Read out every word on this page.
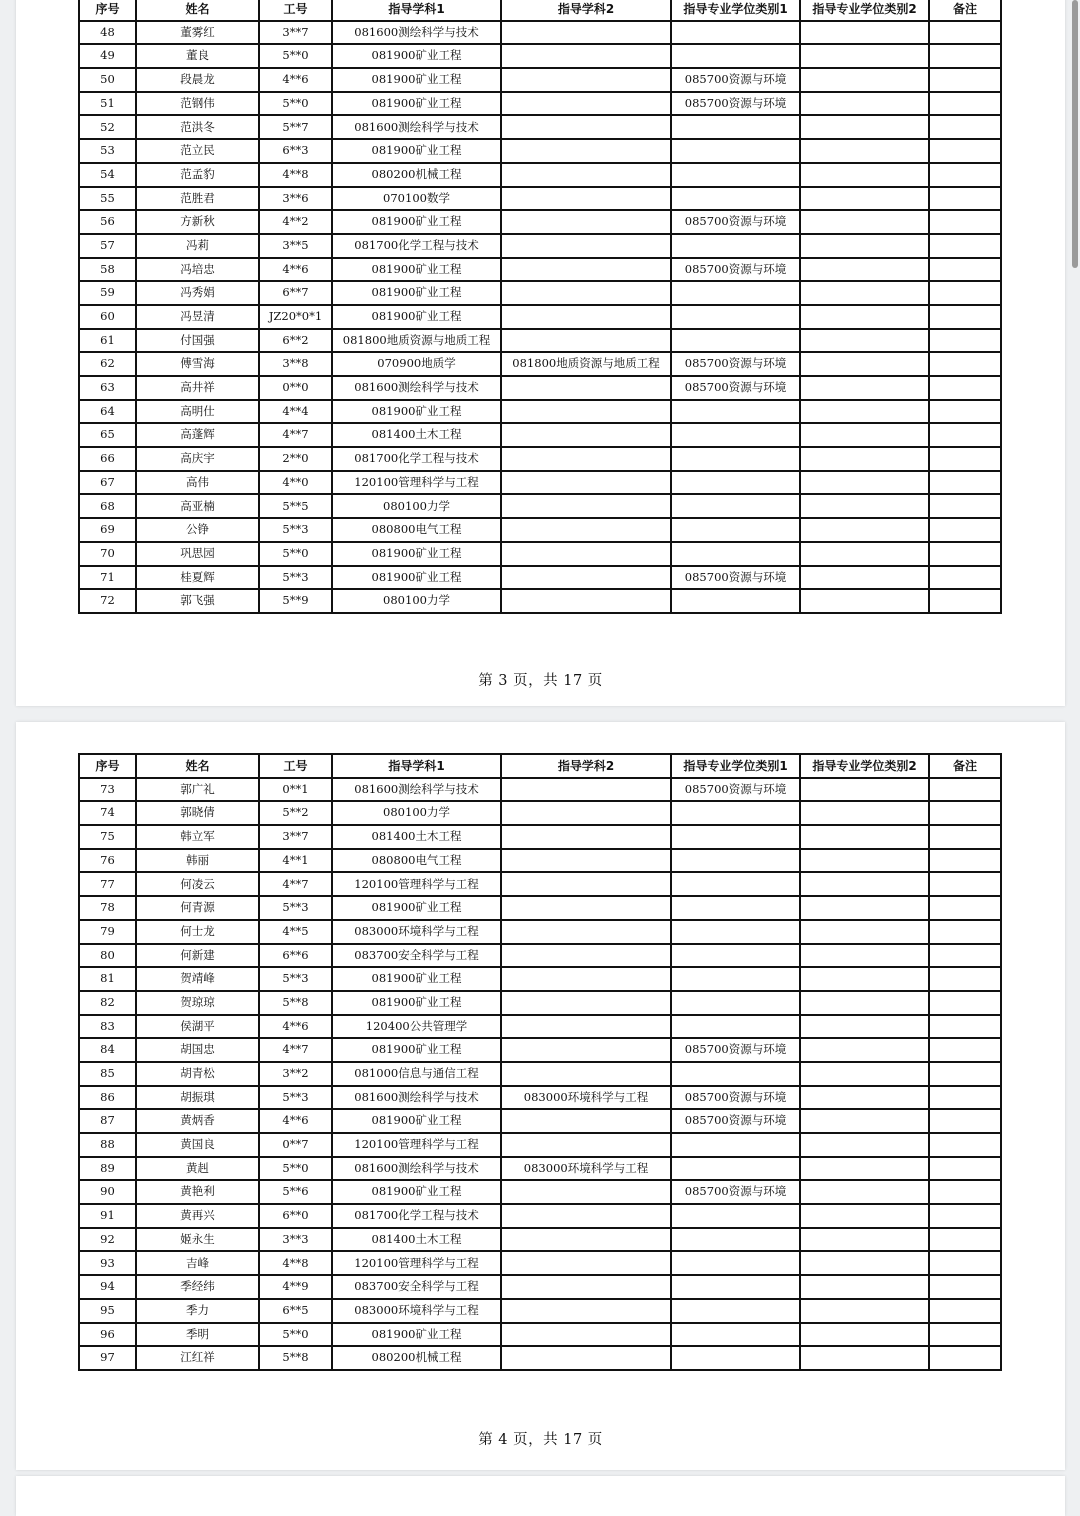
序号	姓名	工号	指导学科1	指导学科2	指导专业学位类别1	指导专业学位类别2	备注
48	董雾红	3**7	081600测绘科学与技术				
49	董良	5**0	081900矿业工程				
50	段晨龙	4**6	081900矿业工程		085700资源与环境		
51	范钢伟	5**0	081900矿业工程		085700资源与环境		
52	范洪冬	5**7	081600测绘科学与技术				
53	范立民	6**3	081900矿业工程				
54	范孟豹	4**8	080200机械工程				
55	范胜君	3**6	070100数学				
56	方新秋	4**2	081900矿业工程		085700资源与环境		
57	冯莉	3**5	081700化学工程与技术				
58	冯培忠	4**6	081900矿业工程		085700资源与环境		
59	冯秀娟	6**7	081900矿业工程				
60	冯昱清	JZ20*0*1	081900矿业工程				
61	付国强	6**2	081800地质资源与地质工程				
62	傅雪海	3**8	070900地质学	081800地质资源与地质工程	085700资源与环境		
63	高井祥	0**0	081600测绘科学与技术		085700资源与环境		
64	高明仕	4**4	081900矿业工程				
65	高蓬辉	4**7	081400土木工程				
66	高庆宇	2**0	081700化学工程与技术				
67	高伟	4**0	120100管理科学与工程				
68	高亚楠	5**5	080100力学				
69	公铮	5**3	080800电气工程				
70	巩思园	5**0	081900矿业工程				
71	桂夏辉	5**3	081900矿业工程		085700资源与环境		
72	郭飞强	5**9	080100力学				
第 3 页，共 17 页
序号	姓名	工号	指导学科1	指导学科2	指导专业学位类别1	指导专业学位类别2	备注
73	郭广礼	0**1	081600测绘科学与技术		085700资源与环境		
74	郭晓倩	5**2	080100力学				
75	韩立军	3**7	081400土木工程				
76	韩丽	4**1	080800电气工程				
77	何凌云	4**7	120100管理科学与工程				
78	何青源	5**3	081900矿业工程				
79	何士龙	4**5	083000环境科学与工程				
80	何新建	6**6	083700安全科学与工程				
81	贺靖峰	5**3	081900矿业工程				
82	贺琼琼	5**8	081900矿业工程				
83	侯湖平	4**6	120400公共管理学				
84	胡国忠	4**7	081900矿业工程		085700资源与环境		
85	胡青松	3**2	081000信息与通信工程				
86	胡振琪	5**3	081600测绘科学与技术	083000环境科学与工程	085700资源与环境		
87	黄炳香	4**6	081900矿业工程		085700资源与环境		
88	黄国良	0**7	120100管理科学与工程				
89	黄赳	5**0	081600测绘科学与技术	083000环境科学与工程			
90	黄艳利	5**6	081900矿业工程		085700资源与环境		
91	黄再兴	6**0	081700化学工程与技术				
92	姬永生	3**3	081400土木工程				
93	吉峰	4**8	120100管理科学与工程				
94	季经纬	4**9	083700安全科学与工程				
95	季力	6**5	083000环境科学与工程				
96	季明	5**0	081900矿业工程				
97	江红祥	5**8	080200机械工程				
第 4 页，共 17 页
